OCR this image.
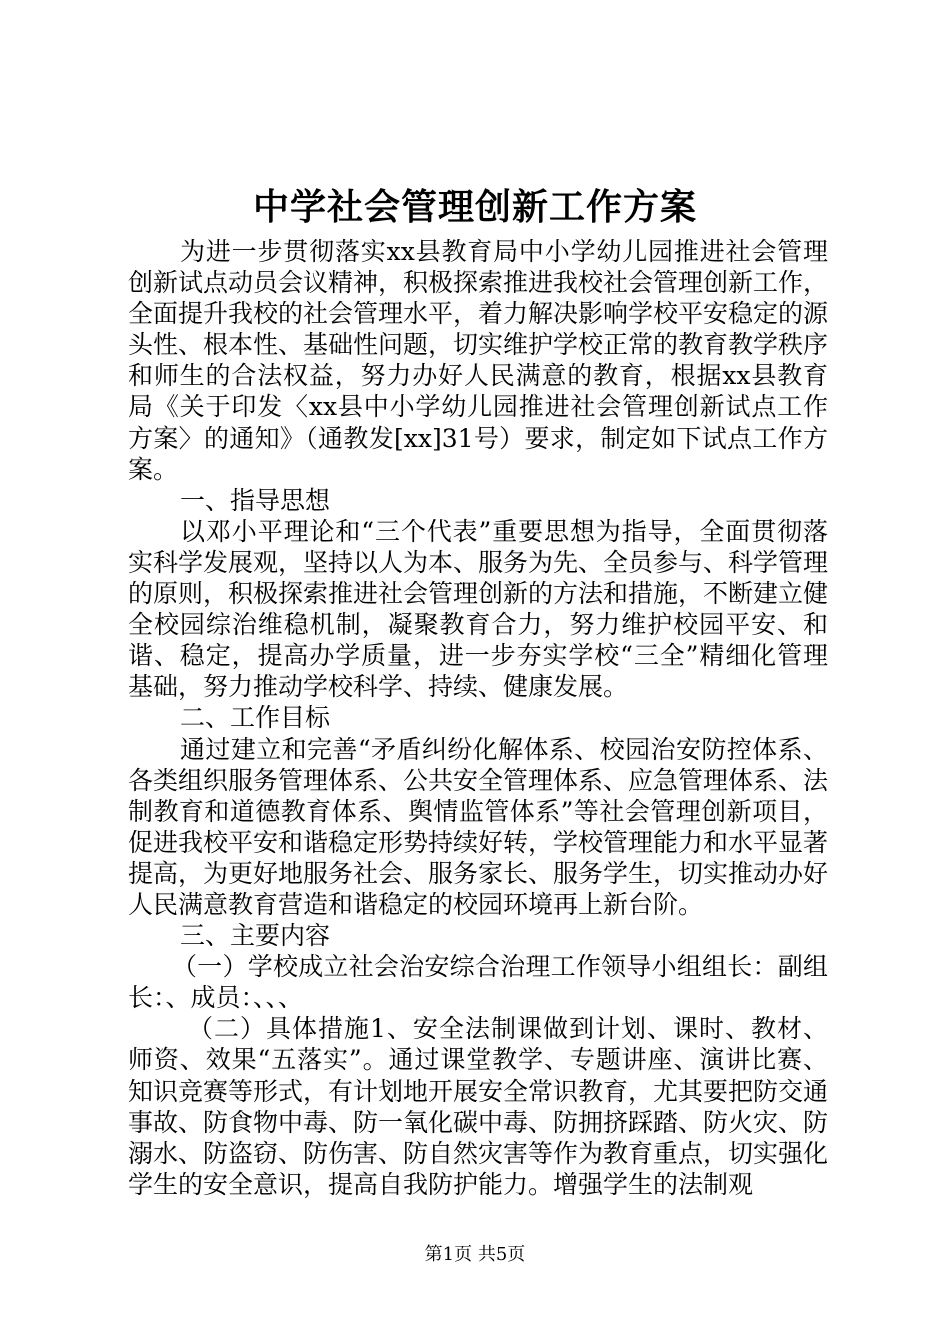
中学社会管理创新工作方案

为进一步贯彻落实xx县教育局中小学幼儿园推进社会管理创新试点动员会议精神，积极探索推进我校社会管理创新工作，全面提升我校的社会管理水平，着力解决影响学校平安稳定的源头性、根本性、基础性问题，切实维护学校正常的教育教学秩序和师生的合法权益，努力办好人民满意的教育，根据xx县教育局《关于印发〈xx县中小学幼儿园推进社会管理创新试点工作方案〉的通知》（通教发[xx]31号）要求，制定如下试点工作方案。

一、指导思想

以邓小平理论和“三个代表”重要思想为指导，全面贯彻落实科学发展观，坚持以人为本、服务为先、全员参与、科学管理的原则，积极探索推进社会管理创新的方法和措施，不断建立健全校园综治维稳机制，凝聚教育合力，努力维护校园平安、和谐、稳定，提高办学质量，进一步夯实学校“三全”精细化管理基础，努力推动学校科学、持续、健康发展。

二、工作目标

通过建立和完善“矛盾纠纷化解体系、校园治安防控体系、各类组织服务管理体系、公共安全管理体系、应急管理体系、法制教育和道德教育体系、舆情监管体系”等社会管理创新项目，促进我校平安和谐稳定形势持续好转，学校管理能力和水平显著提高，为更好地服务社会、服务家长、服务学生，切实推动办好人民满意教育营造和谐稳定的校园环境再上新台阶。

三、主要内容

（一）学校成立社会治安综合治理工作领导小组组长：副组长：、成员：、、、

（二）具体措施1、安全法制课做到计划、课时、教材、师资、效果“五落实”。通过课堂教学、专题讲座、演讲比赛、知识竞赛等形式，有计划地开展安全常识教育，尤其要把防交通事故、防食物中毒、防一氧化碳中毒、防拥挤踩踏、防火灾、防溺水、防盗窃、防伤害、防自然灾害等作为教育重点，切实强化学生的安全意识，提高自我防护能力。增强学生的法制观

第1页 共5页
